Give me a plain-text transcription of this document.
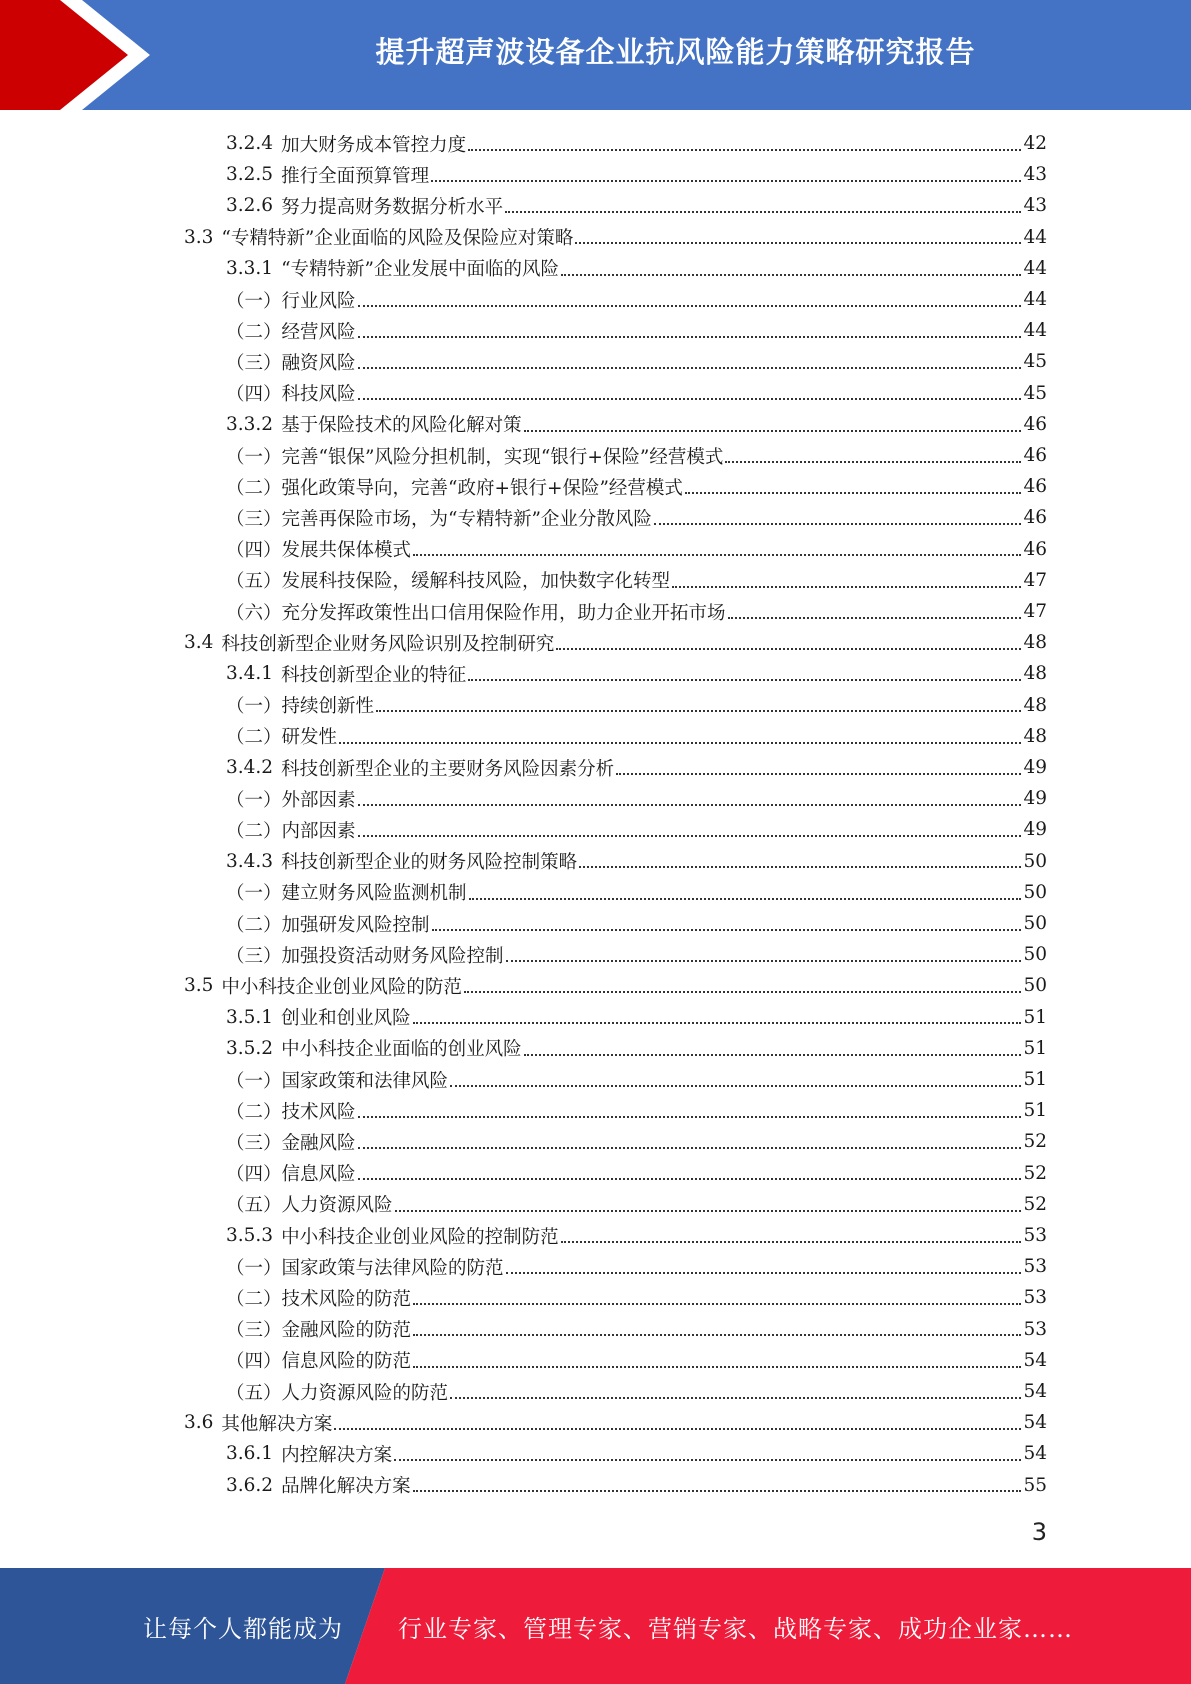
提升超声波设备企业抗风险能力策略研究报告
3.2.4 加大财务成本管控力度	42
3.2.5 推行全面预算管理	43
3.2.6 努力提高财务数据分析水平	43
3.3 “专精特新”企业面临的风险及保险应对策略	44
3.3.1 “专精特新”企业发展中面临的风险	44
（一） 行业风险	44
（二） 经营风险	44
（三） 融资风险	45
（四） 科技风险	45
3.3.2 基于保险技术的风险化解对策	46
（一） 完善“银保”风险分担机制，实现“银行+保险”经营模式	46
（二） 强化政策导向，完善“政府+银行+保险”经营模式	46
（三） 完善再保险市场，为“专精特新”企业分散风险	46
（四） 发展共保体模式	46
（五） 发展科技保险，缓解科技风险，加快数字化转型	47
（六） 充分发挥政策性出口信用保险作用，助力企业开拓市场	47
3.4 科技创新型企业财务风险识别及控制研究	48
3.4.1 科技创新型企业的特征	48
（一） 持续创新性	48
（二） 研发性	48
3.4.2 科技创新型企业的主要财务风险因素分析	49
（一） 外部因素	49
（二） 内部因素	49
3.4.3 科技创新型企业的财务风险控制策略	50
（一） 建立财务风险监测机制	50
（二） 加强研发风险控制	50
（三） 加强投资活动财务风险控制	50
3.5 中小科技企业创业风险的防范	50
3.5.1 创业和创业风险	51
3.5.2 中小科技企业面临的创业风险	51
（一） 国家政策和法律风险	51
（二） 技术风险	51
（三） 金融风险	52
（四） 信息风险	52
（五） 人力资源风险	52
3.5.3 中小科技企业创业风险的控制防范	53
（一） 国家政策与法律风险的防范	53
（二） 技术风险的防范	53
（三） 金融风险的防范	53
（四） 信息风险的防范	54
（五） 人力资源风险的防范	54
3.6 其他解决方案	54
3.6.1 内控解决方案	54
3.6.2 品牌化解决方案	55
3
让每个人都能成为 行业专家、管理专家、营销专家、战略专家、成功企业家……
